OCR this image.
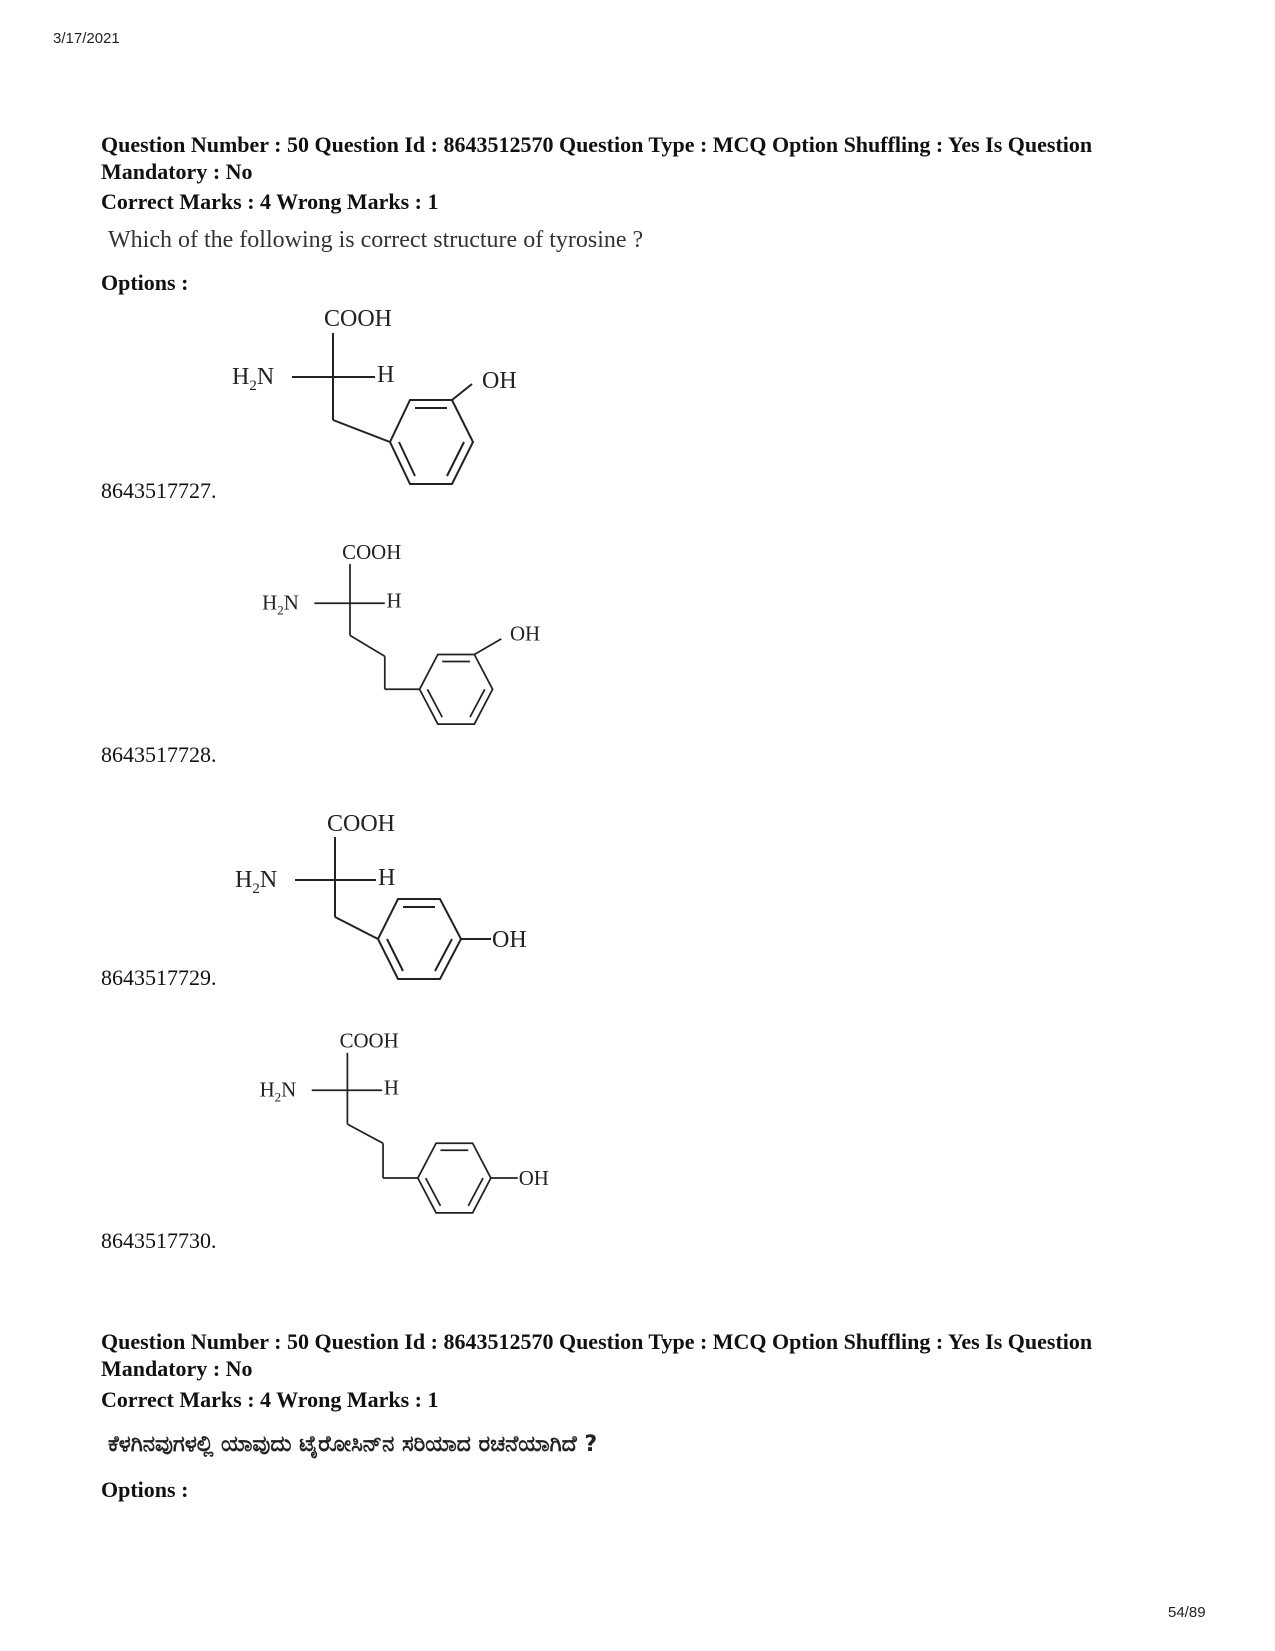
3/17/2021
Question Number : 50 Question Id : 8643512570 Question Type : MCQ Option Shuffling : Yes Is Question Mandatory : No
Correct Marks : 4 Wrong Marks : 1
Which of the following is correct structure of tyrosine ?
Options :
COOH
$H_2N$	H	OH
8643517727.
COOH
$H_2N$	H
OH
8643517728.
COOH
$H_2N$	H
OH
8643517729.
COOH
$H_2N$	H
OH
8643517730.
Question Number : 50 Question Id : 8643512570 Question Type : MCQ Option Shuffling : Yes Is Question Mandatory : No
Correct Marks : 4 Wrong Marks : 1
ಕೆಳಗಿನವುಗಳಲ್ಲಿ ಯಾವುದು ಟೈರೋಸಿನ್‌ನ ಸರಿಯಾದ ರಚನೆಯಾಗಿದೆ ?
Options :
54/89
